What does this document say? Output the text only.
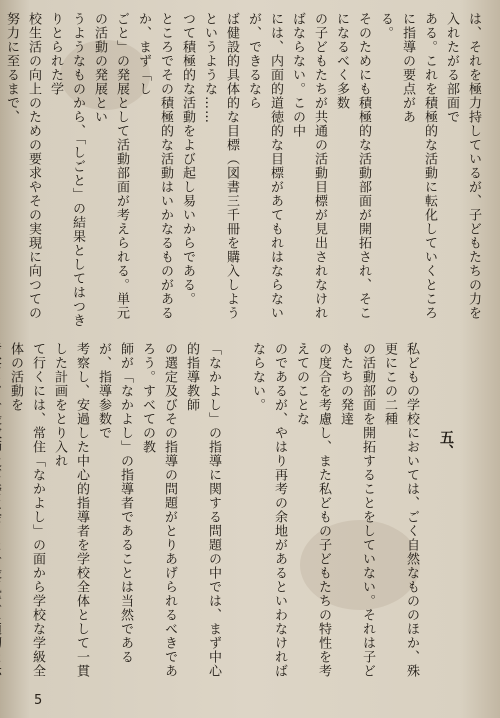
は、それを極力持しているが、子どもたちの力を入れたがる部面で

ある。これを積極的な活動に転化していくところに指導の要点があ

る。

そのためにも積極的な活動部面が開拓され、そこになるべく多数

の子どもたちが共通の活動目標が見出されなければならない。この中

には、内面的道徳的な目標があてもれはならないが、できるなら

ば健設的具体的な目標（図書三千冊を購入しようというような……

つて積極的な活動をよび起し易いからである。

ところでその積極的な活動はいかなるものがあるか、まず「し

ごと」の発展として活動部面が考えられる。単元の活動の発展とい

うようなものから、「しごと」の結果としてはつきりとられた学

校生活の向上のための要求やその実現に向つての努力に至るまで、

五、

私どもの学校においては、ごく自然なもののほか、殊更にこの二種

の活動部面を開拓することをしていない。それは子どもたちの発達

の度合を考慮し、また私どもの子どもたちの特性を考えてのことな

のであるが、やはり再考の余地があるといわなければならない。

「なかよし」の指導に関する問題の中では、まず中心的指導教師

の選定及びその指導の問題がとりあげられるべきであろう。すべての教

師が「なかよし」の指導者であることは当然であるが、指導参数で

考察し、安過した中心的指導者を学校全体として一貫した計画をとり入れ

て行くには、常住「なかよし」の面から学校な学級全体の活動を

5
